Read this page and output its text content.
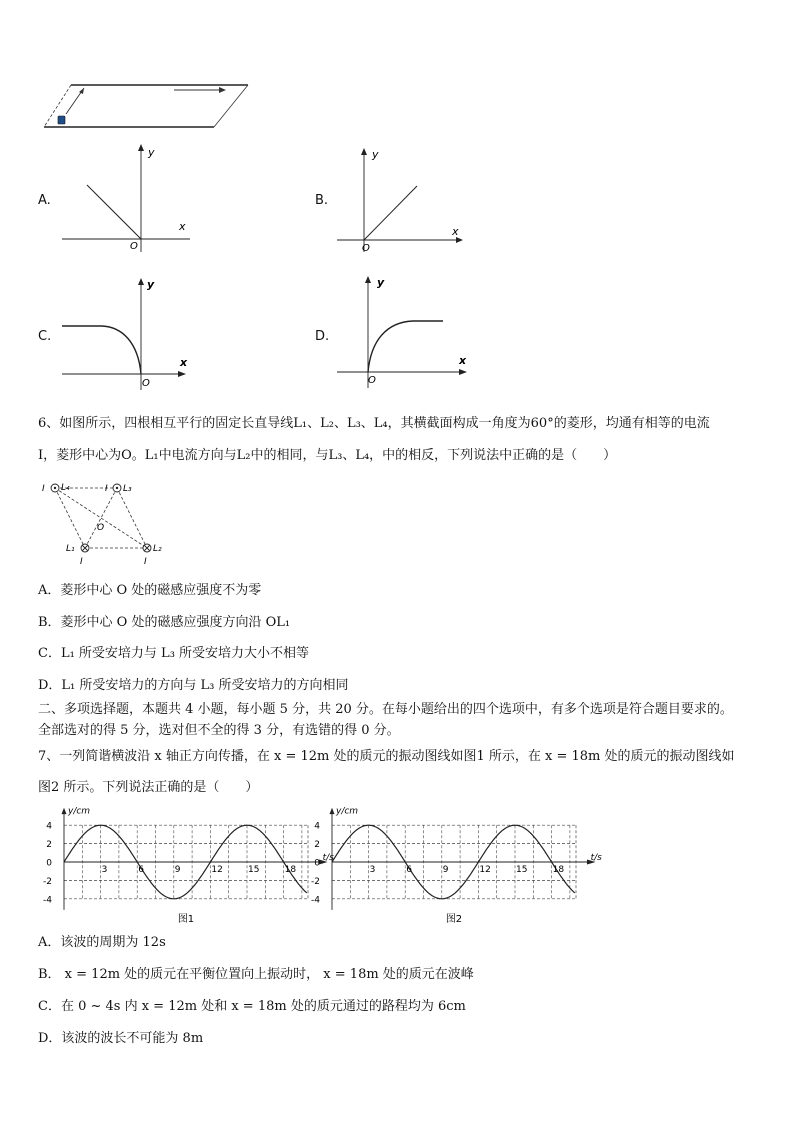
A.
y
x
O
B.
y
x
O
C.
y
x
O
D.
y
x
O
6、如图所示，四根相互平行的固定长直导线L₁、L₂、L₃、L₄，其横截面构成一角度为60°的菱形，均通有相等的电流
I，菱形中心为O。L₁中电流方向与L₂中的相同，与L₃、L₄，中的相反，下列说法中正确的是（　　）
I L₄	I L₃
O
L₁	L₂
I	I
A．菱形中心 O 处的磁感应强度不为零
B．菱形中心 O 处的磁感应强度方向沿 OL₁
C．L₁ 所受安培力与 L₃ 所受安培力大小不相等
D．L₁ 所受安培力的方向与 L₃ 所受安培力的方向相同
二、多项选择题，本题共 4 小题，每小题 5 分，共 20 分。在每小题给出的四个选项中，有多个选项是符合题目要求的。
全部选对的得 5 分，选对但不全的得 3 分，有选错的得 0 分。
7、一列简谐横波沿 x 轴正方向传播，在 x = 12m 处的质元的振动图线如图1 所示，在 x = 18m 处的质元的振动图线如
图2 所示。下列说法正确的是（　　）
4
2
0
-2
-4
3	6	9	12	15	18
y/cm
t/s
图1
4
2
0
-2
-4
3	6	9	12	15	18
y/cm
t/s
图2
A．该波的周期为 12s
B． x = 12m 处的质元在平衡位置向上振动时， x = 18m 处的质元在波峰
C．在 0 ~ 4s 内 x = 12m 处和 x = 18m 处的质元通过的路程均为 6cm
D．该波的波长不可能为 8m
